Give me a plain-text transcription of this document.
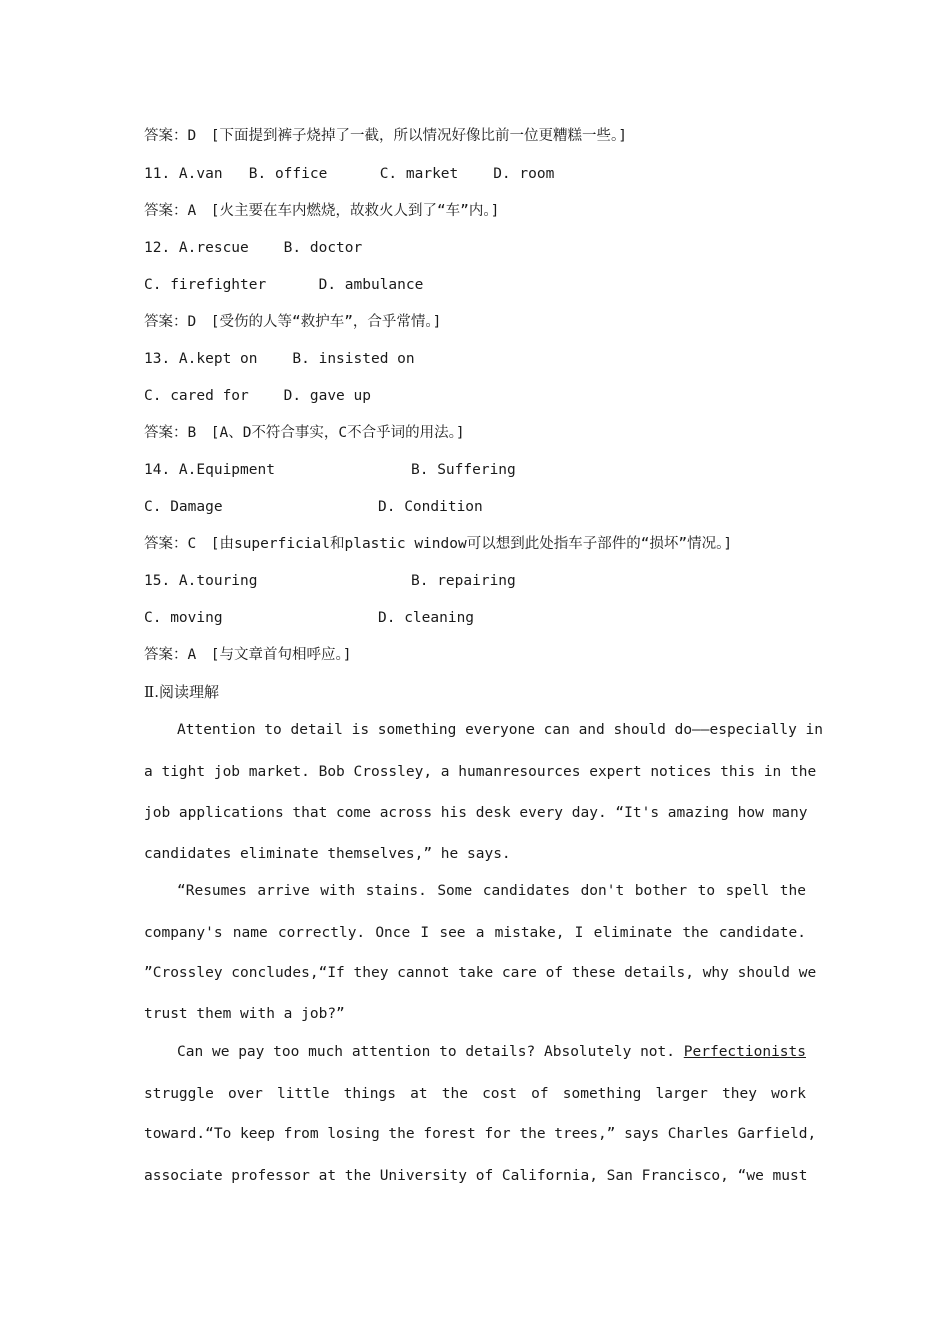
答案：D　[下面提到裤子烧掉了一截，所以情况好像比前一位更糟糕一些。]
11. A.van   B. office      C. market    D. room
答案：A　[火主要在车内燃烧，故救火人到了“车”内。]
12. A.rescue    B. doctor
C. firefighter      D. ambulance
答案：D　[受伤的人等“救护车”，合乎常情。]
13. A.kept on    B. insisted on
C. cared for    D. gave up
答案：B　[A、D不符合事实，C不合乎词的用法。]
14. A.Equipment	B. Suffering
C. Damage	D. Condition
答案：C　[由superficial和plastic window可以想到此处指车子部件的“损坏”情况。]
15. A.touring	B. repairing
C. moving	D. cleaning
答案：A　[与文章首句相呼应。]
Ⅱ.阅读理解
Attention to detail is something everyone can and should do——especially in
a tight job market. Bob Crossley, a humanresources expert notices this in the
job applications that come across his desk every day. “It's amazing how many
candidates eliminate themselves,” he says.
“Resumes arrive with stains. Some candidates don't bother to spell the
company's name correctly. Once I see a mistake, I eliminate the candidate.
”Crossley concludes,“If they cannot take care of these details, why should we
trust them with a job?”
Can we pay too much attention to details? Absolutely not. Perfectionists
struggle over little things at the cost of something larger they work
toward.“To keep from losing the forest for the trees,” says Charles Garfield,
associate professor at the University of California, San Francisco, “we must
